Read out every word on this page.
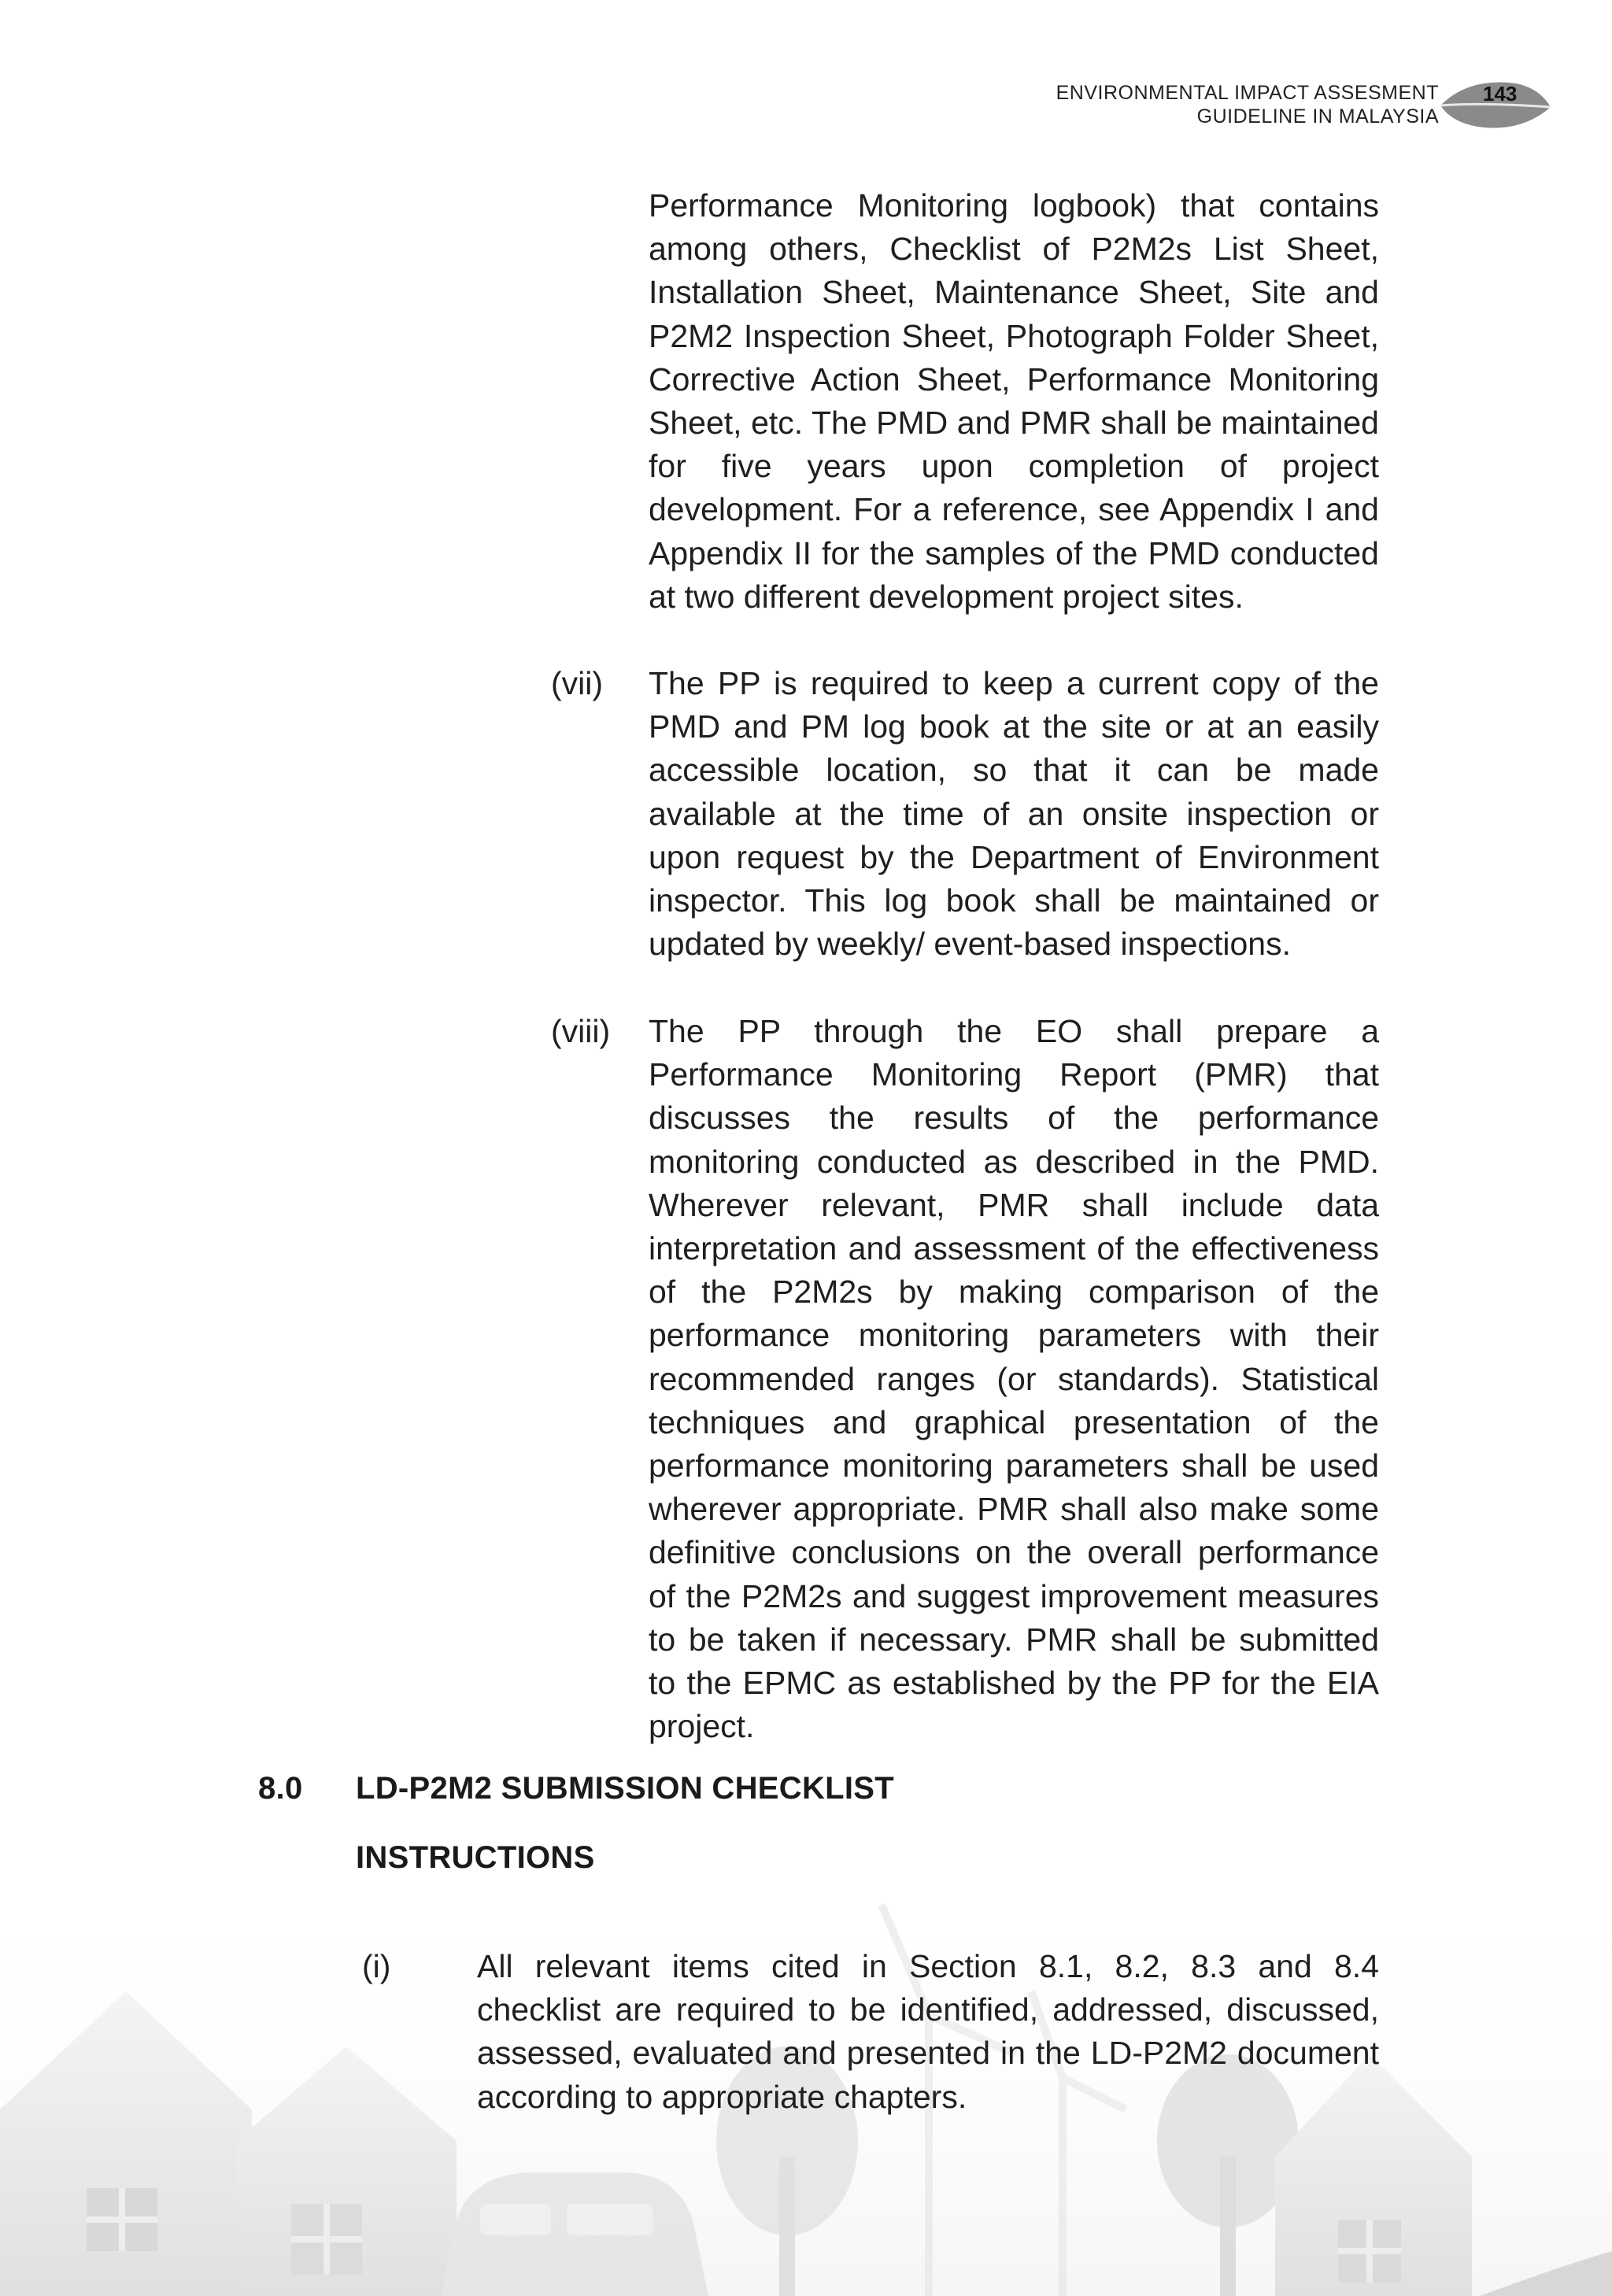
ENVIRONMENTAL IMPACT ASSESMENT
GUIDELINE IN MALAYSIA
143
Performance Monitoring logbook) that contains among others, Checklist of P2M2s List Sheet, Installation Sheet, Maintenance Sheet, Site and P2M2 Inspection Sheet, Photograph Folder Sheet, Corrective Action Sheet, Performance Monitoring Sheet, etc. The PMD and PMR shall be maintained for five years upon completion of project development. For a reference, see Appendix I and Appendix II for the samples of the PMD conducted at two different development project sites.
(vii) The PP is required to keep a current copy of the PMD and PM log book at the site or at an easily accessible location, so that it can be made available at the time of an onsite inspection or upon request by the Department of Environment inspector. This log book shall be maintained or updated by weekly/ event-based inspections.
(viii) The PP through the EO shall prepare a Performance Monitoring Report (PMR) that discusses the results of the performance monitoring conducted as described in the PMD. Wherever relevant, PMR shall include data interpretation and assessment of the effectiveness of the P2M2s by making comparison of the performance monitoring parameters with their recommended ranges (or standards). Statistical techniques and graphical presentation of the performance monitoring parameters shall be used wherever appropriate. PMR shall also make some definitive conclusions on the overall performance of the P2M2s and suggest improvement measures to be taken if necessary. PMR shall be submitted to the EPMC as established by the PP for the EIA project.
8.0 LD-P2M2 SUBMISSION CHECKLIST
INSTRUCTIONS
(i)	All relevant items cited in Section 8.1, 8.2, 8.3 and 8.4 checklist are required to be identified, addressed, discussed, assessed, evaluated and presented in the LD-P2M2 document according to appropriate chapters.
